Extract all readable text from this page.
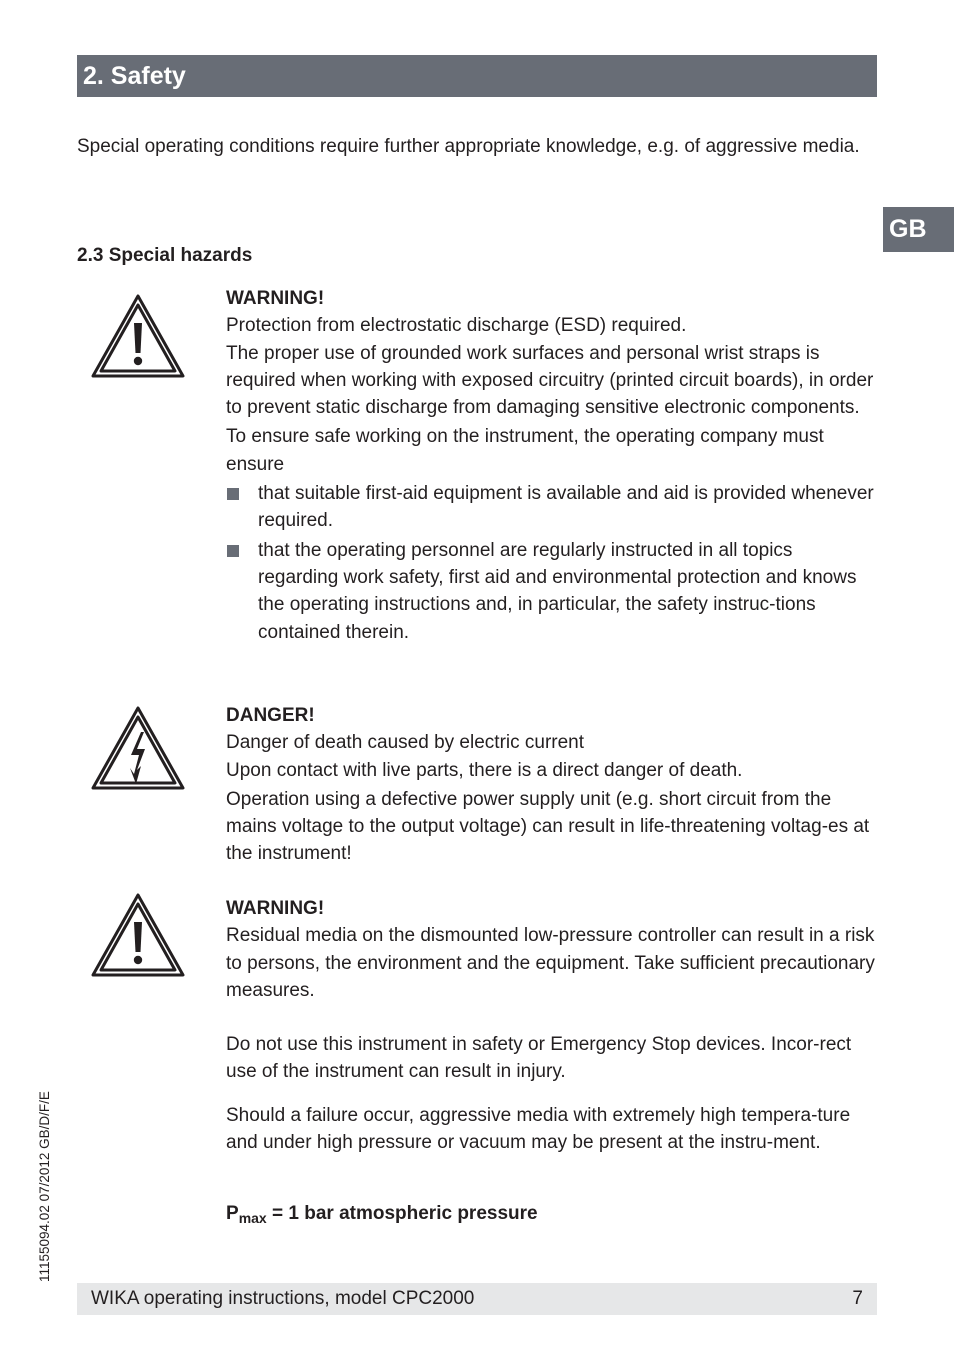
2. Safety
GB
Special operating conditions require further appropriate knowledge, e.g. of aggressive media.
2.3 Special hazards

WARNING!

Protection from electrostatic discharge (ESD) required.

The proper use of grounded work surfaces and personal wrist straps is required when working with exposed circuitry (printed circuit boards), in order to prevent static discharge from damaging sensitive electronic components.

To ensure safe working on the instrument, the operating company must ensure

that suitable first-aid equipment is available and aid is provided whenever required.
that the operating personnel are regularly instructed in all topics regarding work safety, first aid and environmental protection and knows the operating instructions and, in particular, the safety instruc-tions contained therein.

DANGER!

Danger of death caused by electric current

Upon contact with live parts, there is a direct danger of death.

Operation using a defective power supply unit (e.g. short circuit from the mains voltage to the output voltage) can result in life-threatening voltag-es at the instrument!

WARNING!

Residual media on the dismounted low-pressure controller can result in a risk to persons, the environment and the equipment. Take sufficient precautionary measures.

Do not use this instrument in safety or Emergency Stop devices. Incor-rect use of the instrument can result in injury.
Should a failure occur, aggressive media with extremely high tempera-ture and under high pressure or vacuum may be present at the instru-ment.
$P_{max} = 1$ bar atmospheric pressure
11155094.02 07/2012 GB/D/F/E
WIKA operating instructions, model CPC2000	7
